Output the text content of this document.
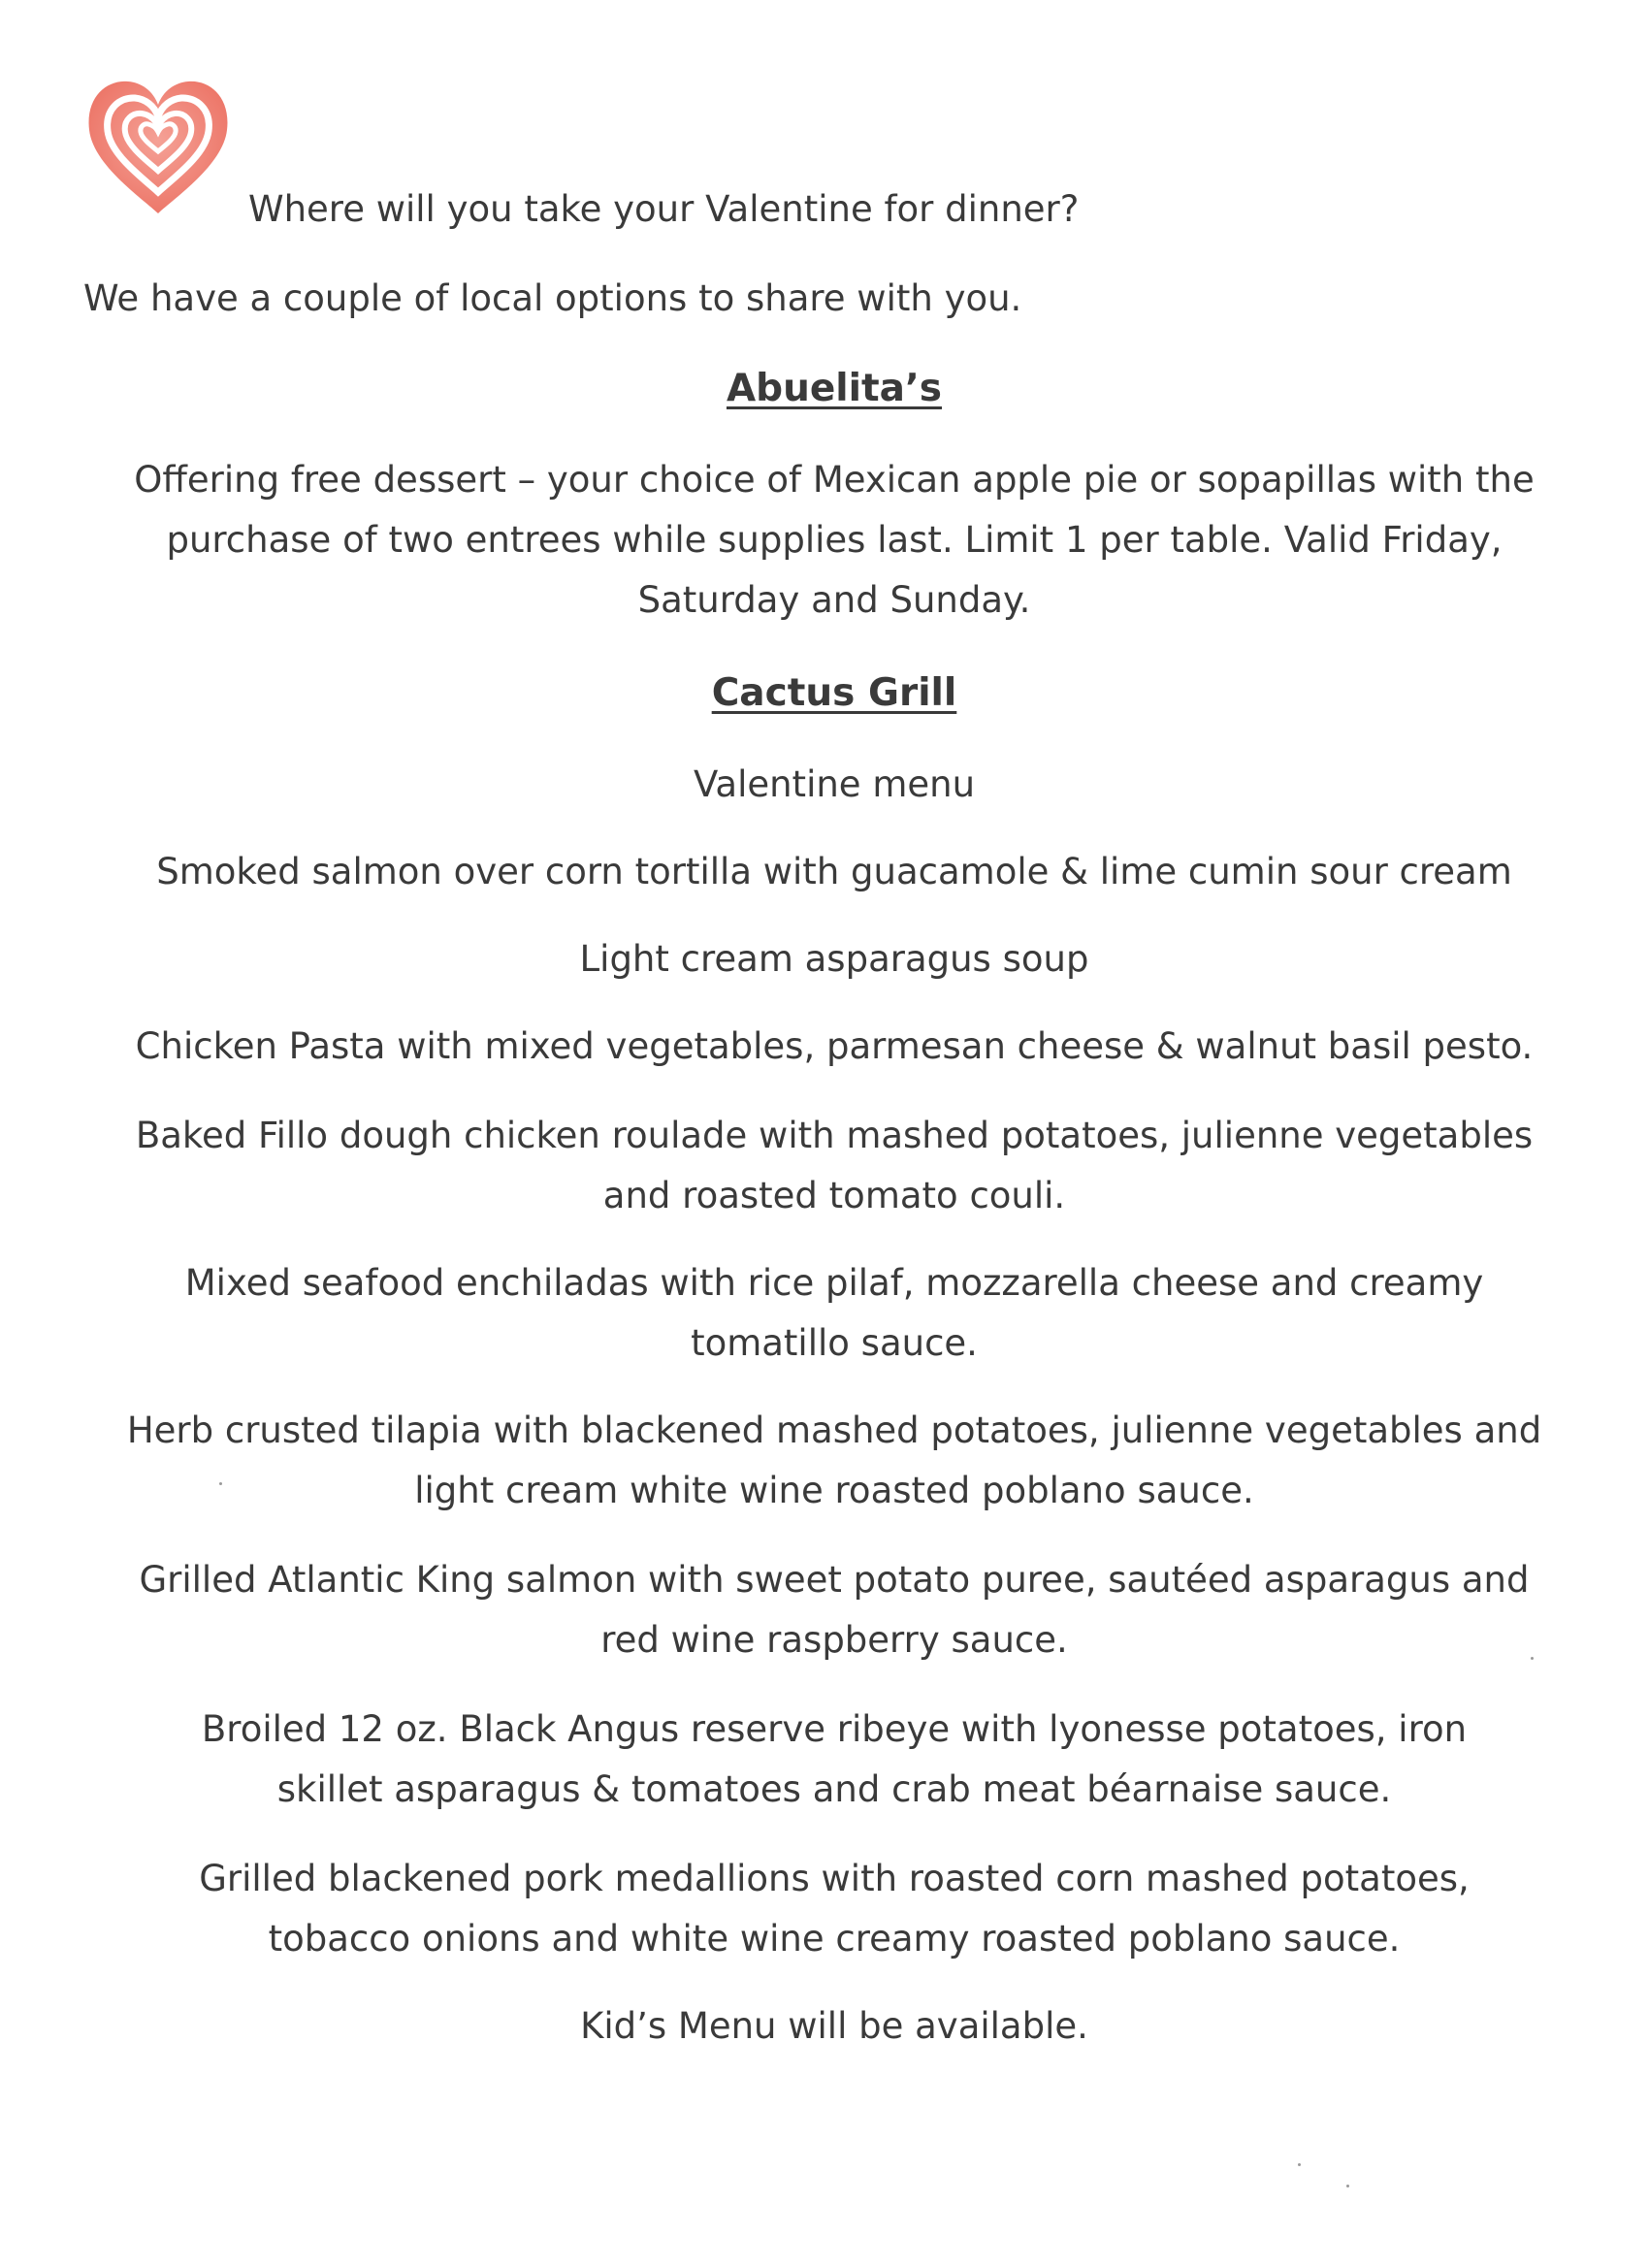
Where will you take your Valentine for dinner?
We have a couple of local options to share with you.

Abuelita’s

Offering free dessert – your choice of Mexican apple pie or sopapillas with the purchase of two entrees while supplies last. Limit 1 per table. Valid Friday, Saturday and Sunday.

Cactus Grill

Valentine menu

Smoked salmon over corn tortilla with guacamole & lime cumin sour cream

Light cream asparagus soup

Chicken Pasta with mixed vegetables, parmesan cheese & walnut basil pesto.

Baked Fillo dough chicken roulade with mashed potatoes, julienne vegetables and roasted tomato couli.

Mixed seafood enchiladas with rice pilaf, mozzarella cheese and creamy tomatillo sauce.

Herb crusted tilapia with blackened mashed potatoes, julienne vegetables and light cream white wine roasted poblano sauce.

Grilled Atlantic King salmon with sweet potato puree, sautéed asparagus and red wine raspberry sauce.

Broiled 12 oz. Black Angus reserve ribeye with lyonesse potatoes, iron skillet asparagus & tomatoes and crab meat béarnaise sauce.

Grilled blackened pork medallions with roasted corn mashed potatoes, tobacco onions and white wine creamy roasted poblano sauce.

Kid’s Menu will be available.
